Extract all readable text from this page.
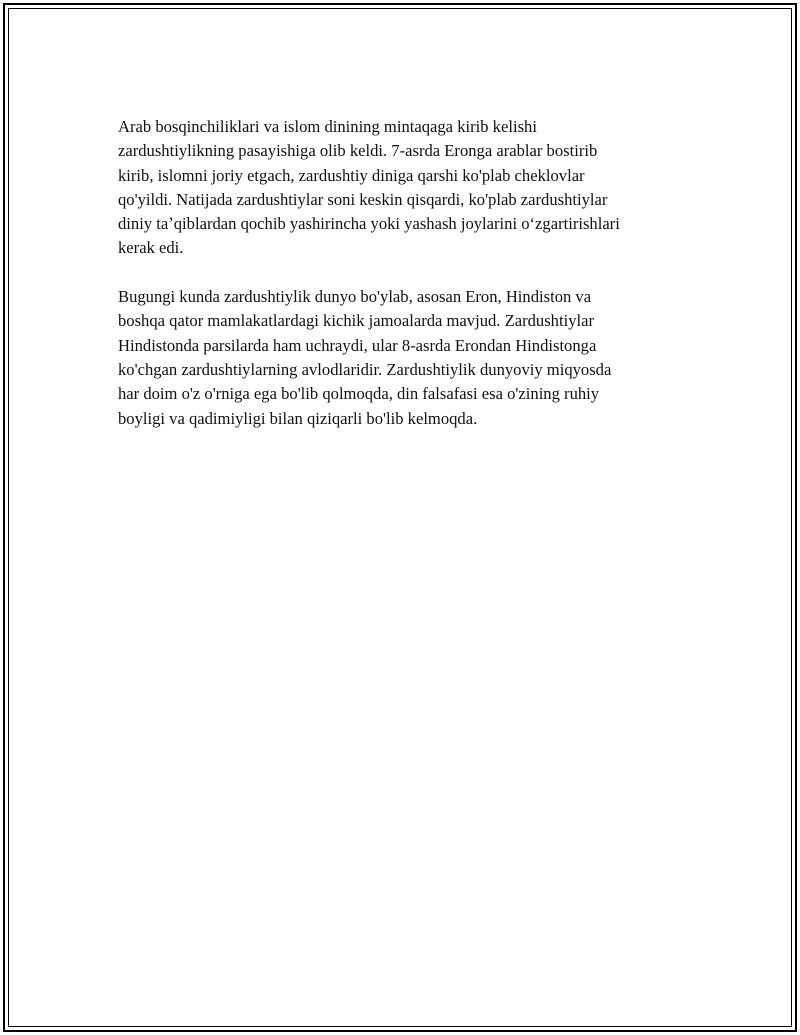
Arab bosqinchiliklari va islom dinining mintaqaga kirib kelishi
zardushtiylikning pasayishiga olib keldi. 7-asrda Eronga arablar bostirib
kirib, islomni joriy etgach, zardushtiy diniga qarshi ko'plab cheklovlar
qo'yildi. Natijada zardushtiylar soni keskin qisqardi, ko'plab zardushtiylar
diniy taʼqiblardan qochib yashirincha yoki yashash joylarini oʻzgartirishlari
kerak edi.

Bugungi kunda zardushtiylik dunyo bo'ylab, asosan Eron, Hindiston va
boshqa qator mamlakatlardagi kichik jamoalarda mavjud. Zardushtiylar
Hindistonda parsilarda ham uchraydi, ular 8-asrda Erondan Hindistonga
ko'chgan zardushtiylarning avlodlaridir. Zardushtiylik dunyoviy miqyosda
har doim o'z o'rniga ega bo'lib qolmoqda, din falsafasi esa o'zining ruhiy
boyligi va qadimiyligi bilan qiziqarli bo'lib kelmoqda.
